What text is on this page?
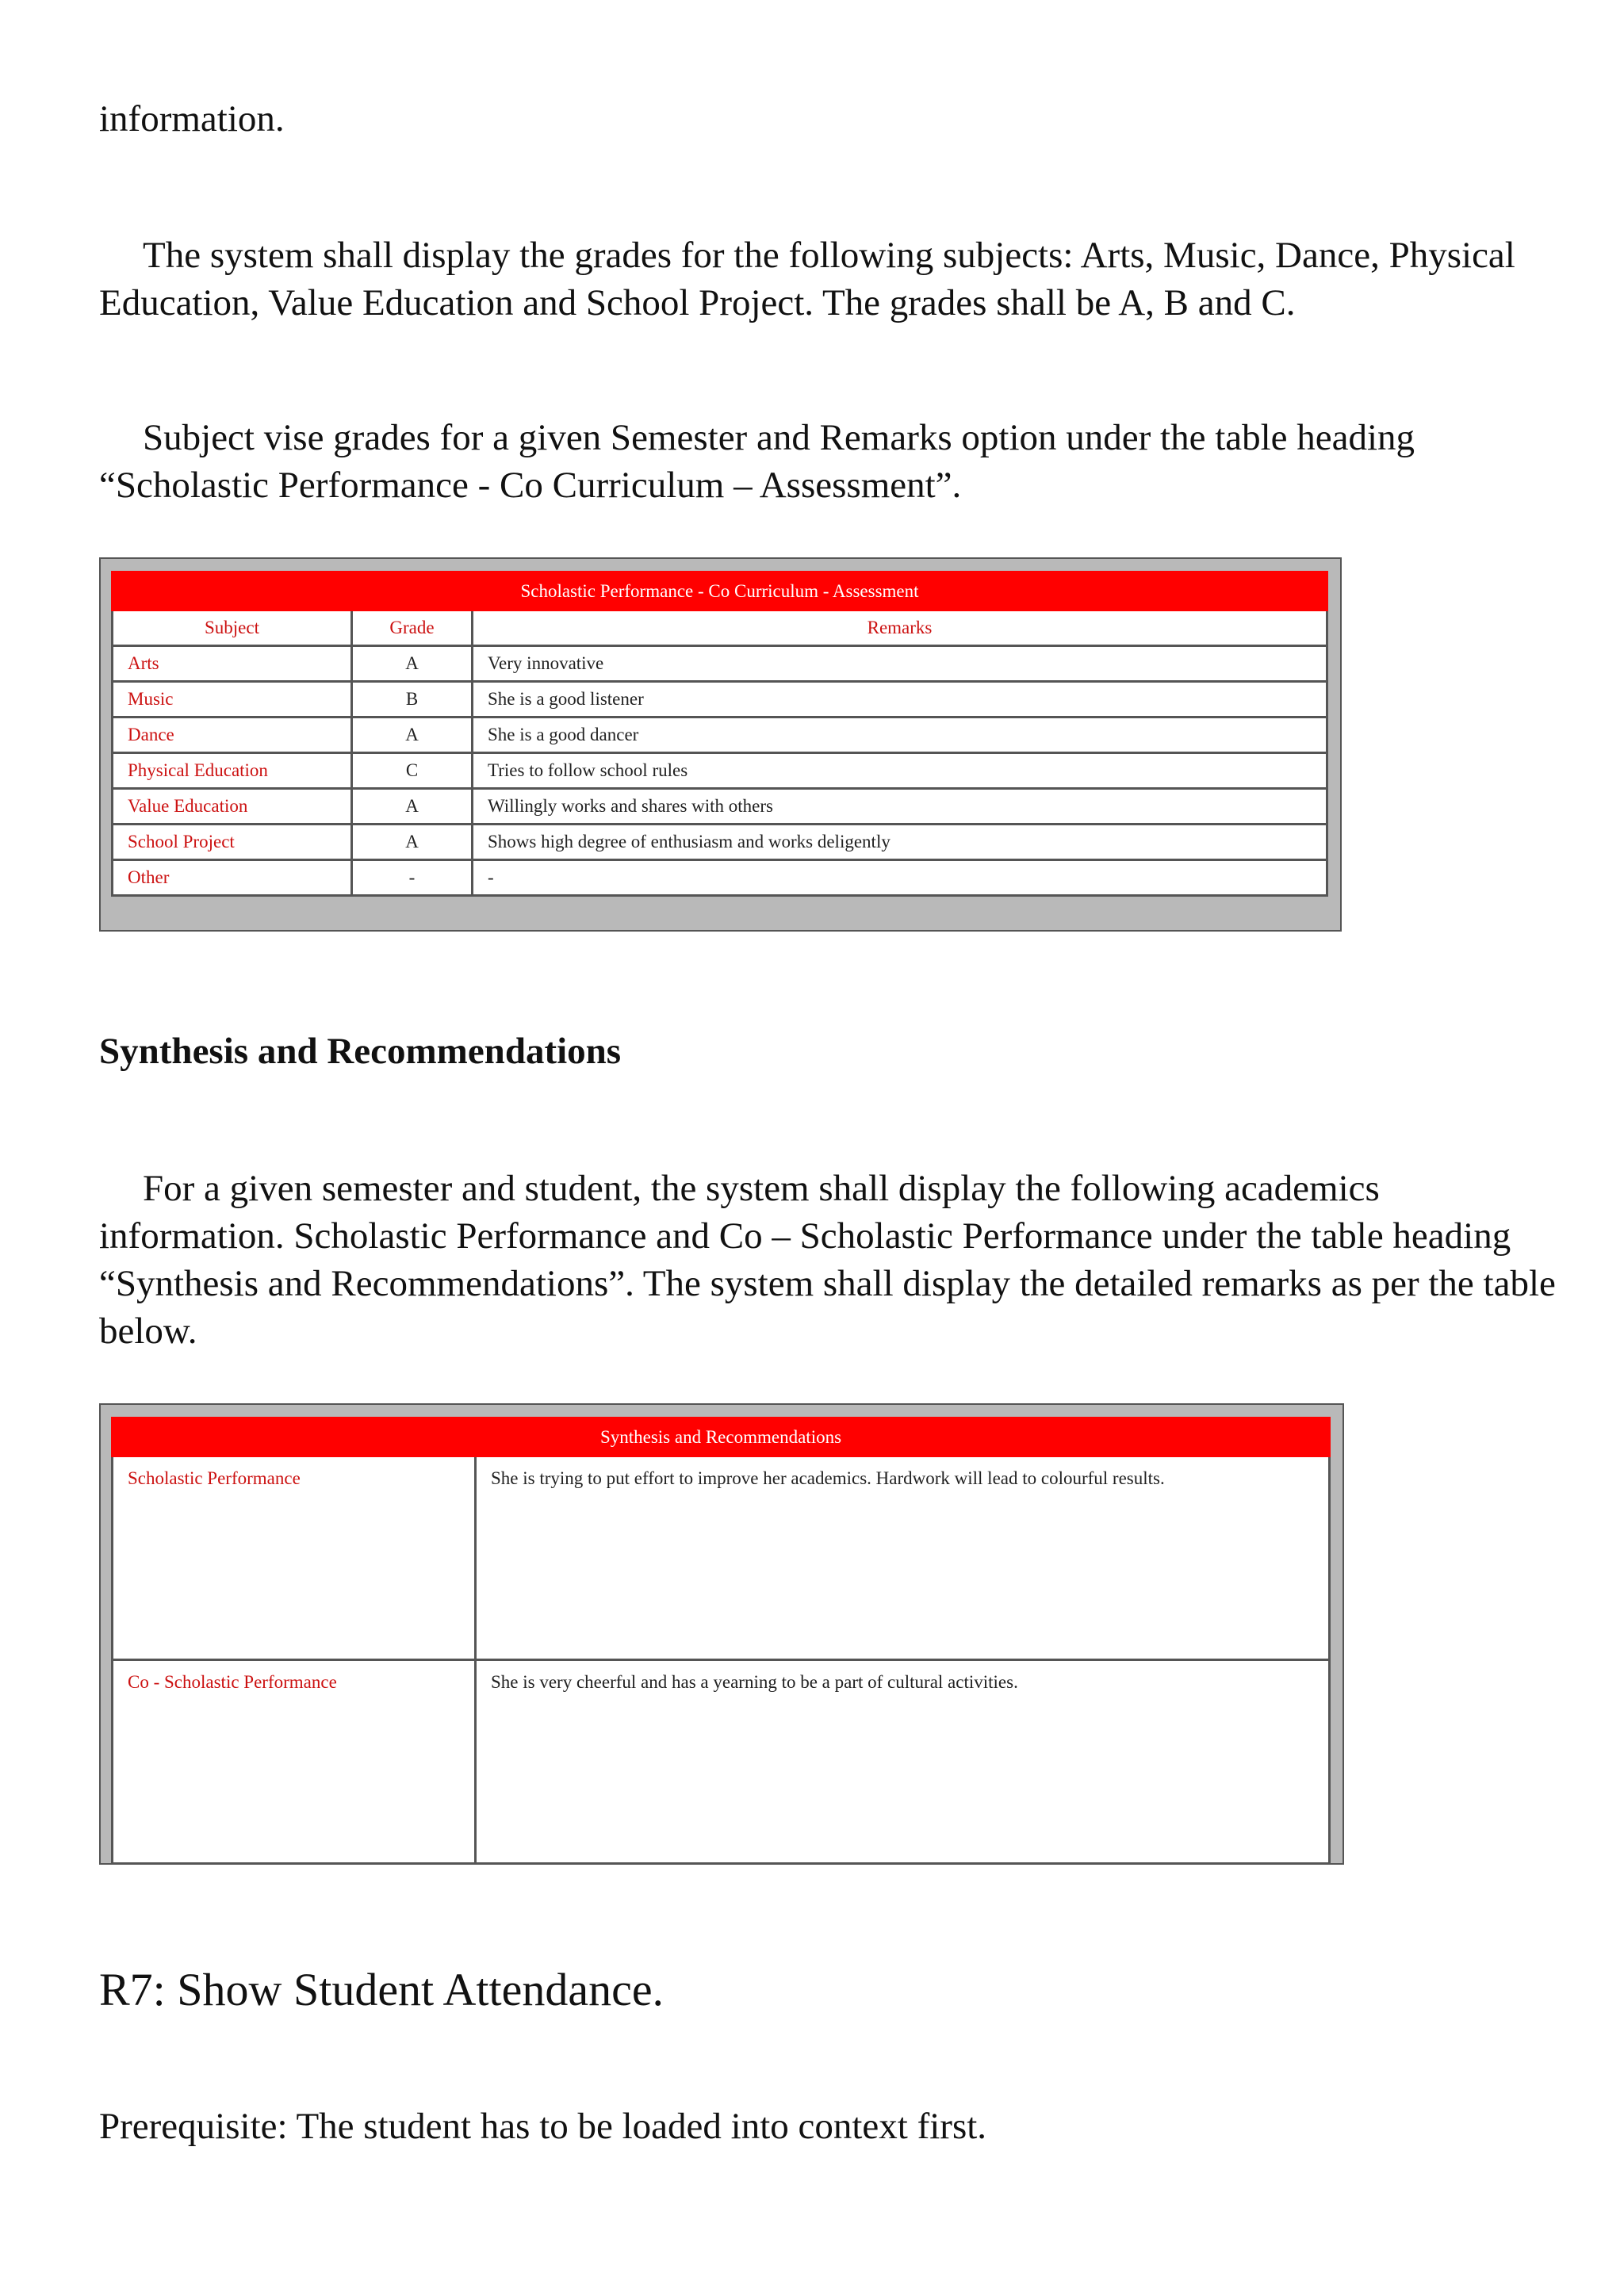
information.

The system shall display the grades for the following subjects: Arts, Music, Dance, Physical Education, Value Education and School Project. The grades shall be A, B and C.

Subject vise grades for a given Semester and Remarks option under the table heading “Scholastic Performance - Co Curriculum – Assessment”.

Scholastic Performance - Co Curriculum - Assessment		
Subject	Grade	Remarks
Arts	A	Very innovative
Music	B	She is a good listener
Dance	A	She is a good dancer
Physical Education	C	Tries to follow school rules
Value Education	A	Willingly works and shares with others
School Project	A	Shows high degree of enthusiasm and works deligently
Other	-	-

Synthesis and Recommendations

For a given semester and student, the system shall display the following academics information. Scholastic Performance and Co – Scholastic Performance under the table heading “Synthesis and Recommendations”. The system shall display the detailed remarks as per the table below.

Synthesis and Recommendations	
Scholastic Performance	She is trying to put effort to improve her academics. Hardwork will lead to colourful results.
Co - Scholastic Performance	She is very cheerful and has a yearning to be a part of cultural activities.

R7: Show Student Attendance.

Prerequisite: The student has to be loaded into context first.
